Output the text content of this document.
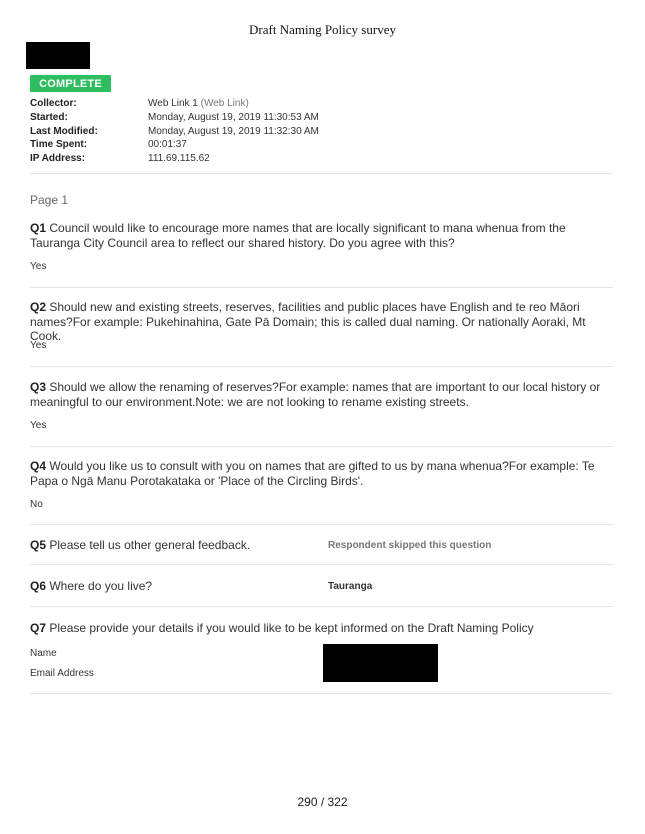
Draft Naming Policy survey
COMPLETE
Collector:	Web Link 1 (Web Link)
Started:	Monday, August 19, 2019 11:30:53 AM
Last Modified:	Monday, August 19, 2019 11:32:30 AM
Time Spent:	00:01:37
IP Address:	111.69.115.62
Page 1
Q1 Council would like to encourage more names that are locally significant to mana whenua from the Tauranga City Council area to reflect our shared history. Do you agree with this?
Yes
Q2 Should new and existing streets, reserves, facilities and public places have English and te reo Māori names?For example: Pukehinahina, Gate Pā Domain; this is called dual naming. Or nationally Aoraki, Mt Cook.
Yes
Q3 Should we allow the renaming of reserves?For example: names that are important to our local history or meaningful to our environment.Note: we are not looking to rename existing streets.
Yes
Q4 Would you like us to consult with you on names that are gifted to us by mana whenua?For example: Te Papa o Ngā Manu Porotakataka or 'Place of the Circling Birds'.
No
Q5 Please tell us other general feedback.	Respondent skipped this question
Q6 Where do you live?	Tauranga
Q7 Please provide your details if you would like to be kept informed on the Draft Naming Policy
Name
Email Address
290 / 322
